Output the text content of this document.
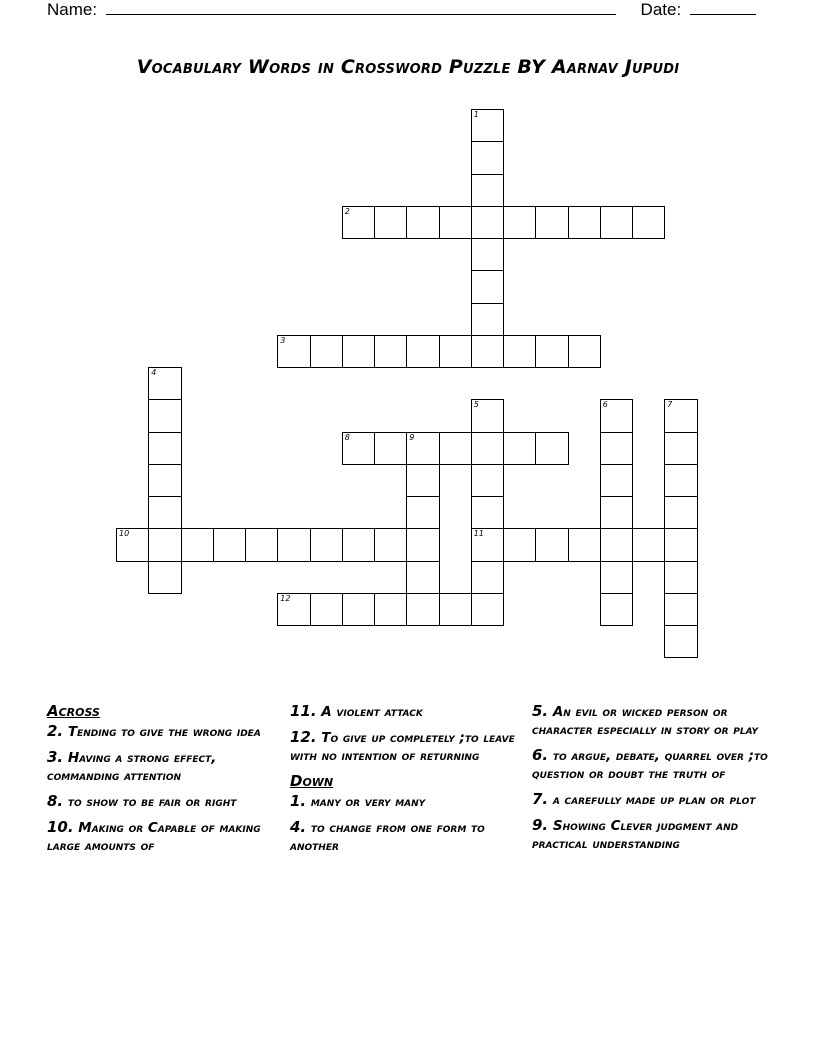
Name:	Date:
Vocabulary Words in Crossword Puzzle BY Aarnav Jupudi
1
2
3
4
5
11
6	7
8	9
10
12
Across
2. Tending to give the wrong idea
3. Having a strong effect, commanding attention
8. to show to be fair or right
10. Making or Capable of making large amounts of
11. A violent attack
12. To give up completely ;to leave with no intention of returning
Down
1. many or very many
4. to change from one form to another
5. An evil or wicked person or character especially in story or play
6. to argue, debate, quarrel over ;to question or doubt the truth of
7. a carefully made up plan or plot
9. Showing Clever judgment and practical understanding
